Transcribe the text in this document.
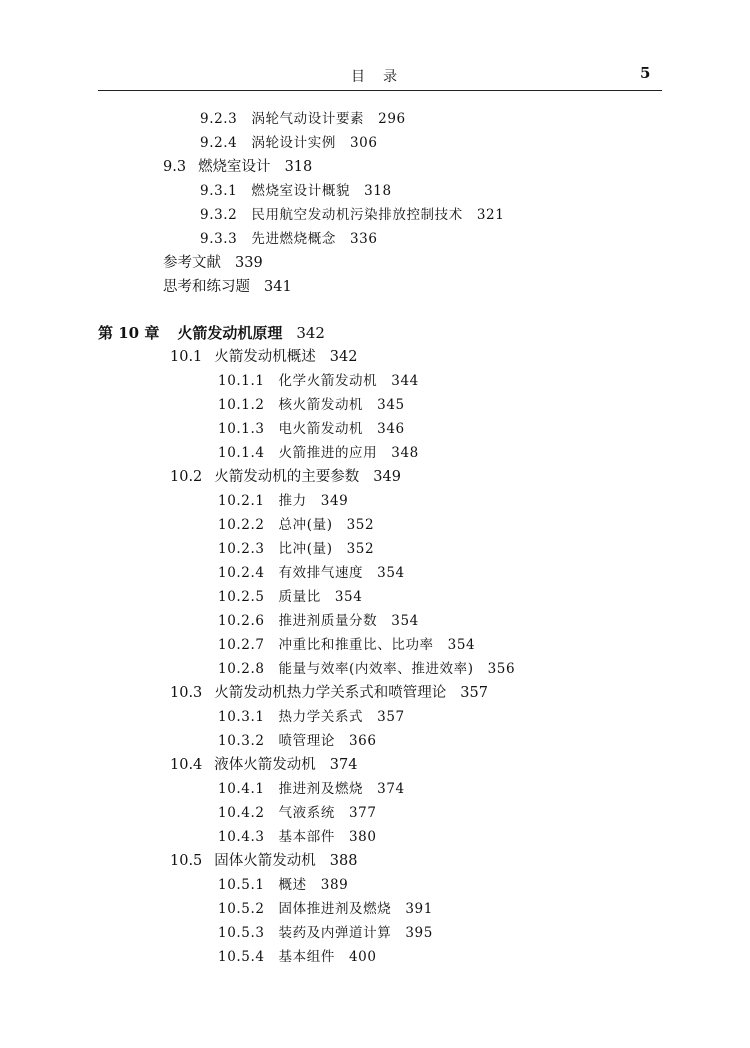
目　录	5
9.2.3 涡轮气动设计要素 296
9.2.4 涡轮设计实例 306
9.3 燃烧室设计 318
9.3.1 燃烧室设计概貌 318
9.3.2 民用航空发动机污染排放控制技术 321
9.3.3 先进燃烧概念 336
参考文献 339
思考和练习题 341
第 10 章 火箭发动机原理 342
10.1 火箭发动机概述 342
10.1.1 化学火箭发动机 344
10.1.2 核火箭发动机 345
10.1.3 电火箭发动机 346
10.1.4 火箭推进的应用 348
10.2 火箭发动机的主要参数 349
10.2.1 推力 349
10.2.2 总冲(量) 352
10.2.3 比冲(量) 352
10.2.4 有效排气速度 354
10.2.5 质量比 354
10.2.6 推进剂质量分数 354
10.2.7 冲重比和推重比、比功率 354
10.2.8 能量与效率(内效率、推进效率) 356
10.3 火箭发动机热力学关系式和喷管理论 357
10.3.1 热力学关系式 357
10.3.2 喷管理论 366
10.4 液体火箭发动机 374
10.4.1 推进剂及燃烧 374
10.4.2 气液系统 377
10.4.3 基本部件 380
10.5 固体火箭发动机 388
10.5.1 概述 389
10.5.2 固体推进剂及燃烧 391
10.5.3 装药及内弹道计算 395
10.5.4 基本组件 400
